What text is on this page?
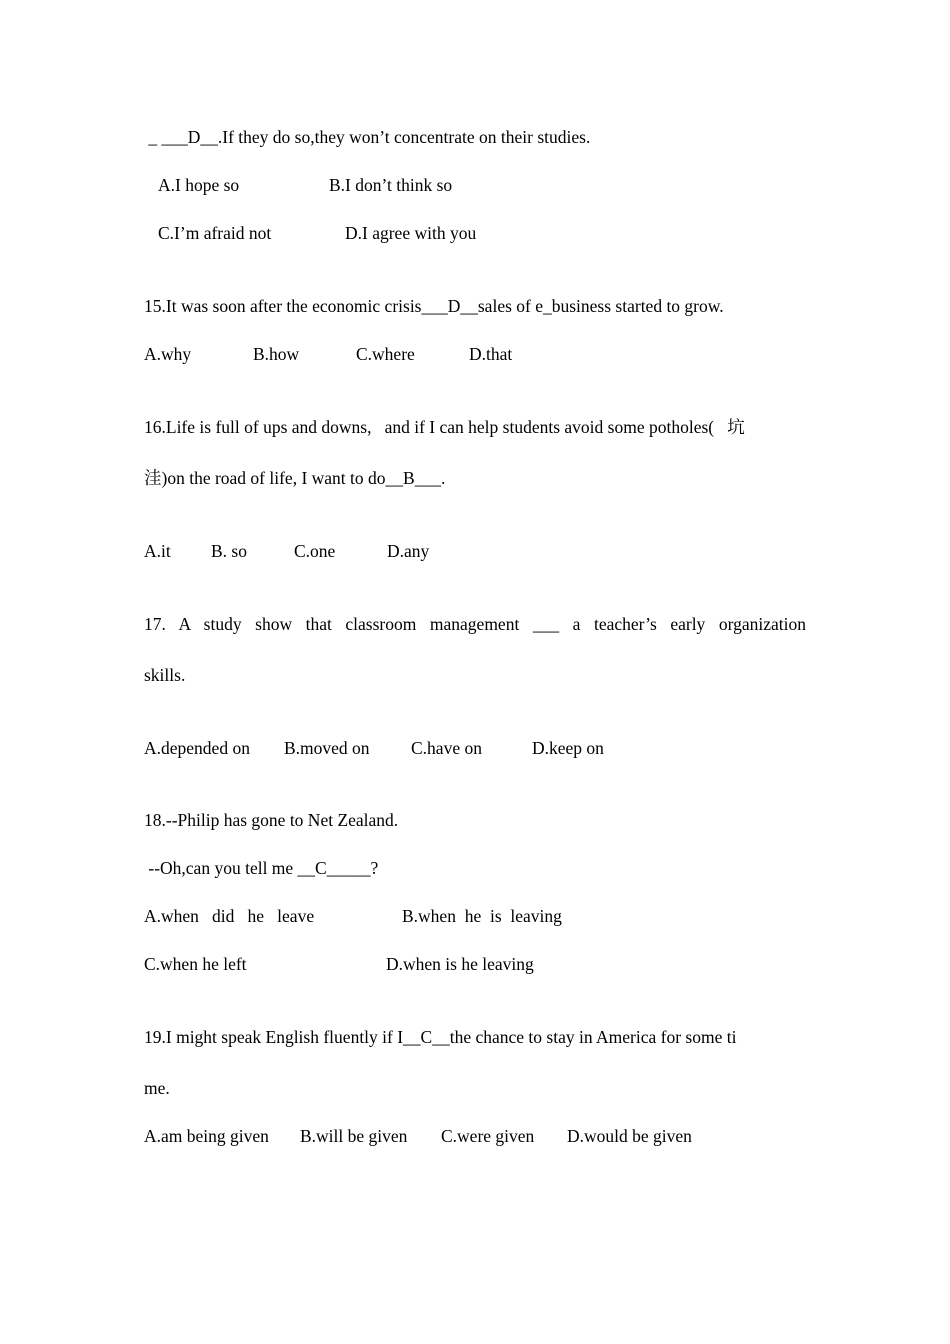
_ ___D__.If they do so,they won’t concentrate on their studies.
A.I hope so	B.I don’t think so
C.I’m afraid not	D.I agree with you
15.It was soon after the economic crisis___D__sales of e_business started to grow.
A.why	B.how	C.where	D.that
16.Life is full of ups and downs,   and if I can help students avoid some potholes(   坑
洼)on the road of life, I want to do__B___.
A.it B. so	C.one	D.any
17. A study show that classroom management ___ a teacher’s early organization
skills.
A.depended on B.moved on C.have on	D.keep on
18.--Philip has gone to Net Zealand.
--Oh,can you tell me __C_____?
A.when   did   he   leave	B.when  he  is  leaving
C.when he left	D.when is he leaving
19.I might speak English fluently if I__C__the chance to stay in America for some ti
me.
A.am being given B.will be given C.were given D.would be given
